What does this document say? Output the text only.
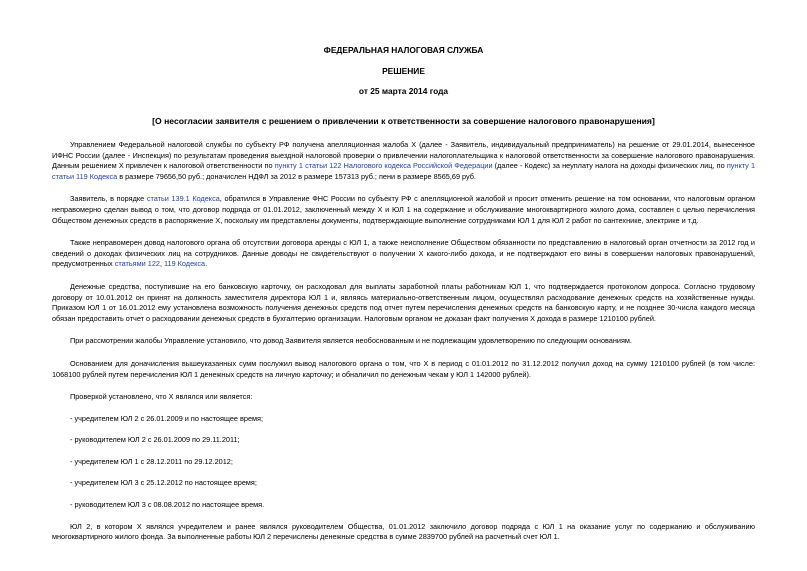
ФЕДЕРАЛЬНАЯ НАЛОГОВАЯ СЛУЖБА
РЕШЕНИЕ
от 25 марта 2014 года
[О несогласии заявителя с решением о привлечении к ответственности за совершение налогового правонарушения]

Управлением Федеральной налоговой службы по субъекту РФ получена апелляционная жалоба Х (далее - Заявитель, индивидуальный предприниматель) на решение от 29.01.2014, вынесенное ИФНС России (далее - Инспекция) по результатам проведения выездной налоговой проверки о привлечении налогоплательщика к налоговой ответственности за совершение налогового правонарушения. Данным решением Х привлечен к налоговой ответственности по пункту 1 статьи 122 Налогового кодекса Российской Федерации (далее - Кодекс) за неуплату налога на доходы физических лиц, по пункту 1 статьи 119 Кодекса в размере 79656,50 руб.; доначислен НДФЛ за 2012 в размере 157313 руб.; пени в размере 8565,69 руб.

Заявитель, в порядке статьи 139.1 Кодекса, обратился в Управление ФНС России по субъекту РФ с апелляционной жалобой и просит отменить решение на том основании, что налоговым органом неправомерно сделан вывод о том, что договор подряда от 01.01.2012, заключенный между Х и ЮЛ 1 на содержание и обслуживание многоквартирного жилого дома, составлен с целью перечисления Обществом денежных средств в распоряжение Х, поскольку им представлены документы, подтверждающие выполнение сотрудниками ЮЛ 1 для ЮЛ 2 работ по сантехнике, электрике и т.д.

Также неправомерен довод налогового органа об отсутствии договора аренды с ЮЛ 1, а также неисполнение Обществом обязанности по представлению в налоговый орган отчетности за 2012 год и сведений о доходах физических лиц на сотрудников. Данные доводы не свидетельствуют о получении Х какого-либо дохода, и не подтверждают его вины в совершении налоговых правонарушений, предусмотренных статьями 122, 119 Кодекса.

Денежные средства, поступившие на его банковскую карточку, он расходовал для выплаты заработной платы работникам ЮЛ 1, что подтверждается протоколом допроса. Согласно трудовому договору от 10.01.2012 он принят на должность заместителя директора ЮЛ 1 и, являясь материально-ответственным лицом, осуществлял расходование денежных средств на хозяйственные нужды. Приказом ЮЛ 1 от 16.01.2012 ему установлена возможность получения денежных средств под отчет путем перечисления денежных средств на банковскую карту, и не позднее 30-числа каждого месяца обязан предоставить отчет о расходовании денежных средств в бухгалтерию организации. Налоговым органом не доказан факт получения Х дохода в размере 1210100 рублей.

При рассмотрении жалобы Управление установило, что довод Заявителя является необоснованным и не подлежащим удовлетворению по следующим основаниям.

Основанием для доначисления вышеуказанных сумм послужил вывод налогового органа о том, что Х в период с 01.01.2012 по 31.12.2012 получил доход на сумму 1210100 рублей (в том числе: 1068100 рублей путем перечисления ЮЛ 1 денежных средств на личную карточку; и обналичил по денежным чекам у ЮЛ 1 142000 рублей).

Проверкой установлено, что Х являлся или является:

- учредителем ЮЛ 2 с 26.01.2009 и по настоящее время;

- руководителем ЮЛ 2 с 26.01.2009 по 29.11.2011;

- учредителем ЮЛ 1 с 28.12.2011 по 29.12.2012;

- учредителем ЮЛ 3 с 25.12.2012 по настоящее время;

- руководителем ЮЛ 3 с 08.08.2012 по настоящее время.

ЮЛ 2, в котором Х являлся учредителем и ранее являлся руководителем Общества, 01.01.2012 заключило договор подряда с ЮЛ 1 на оказание услуг по содержанию и обслуживанию многоквартирного жилого фонда. За выполненные работы ЮЛ 2 перечислены денежные средства в сумме 2839700 рублей на расчетный счет ЮЛ 1.
